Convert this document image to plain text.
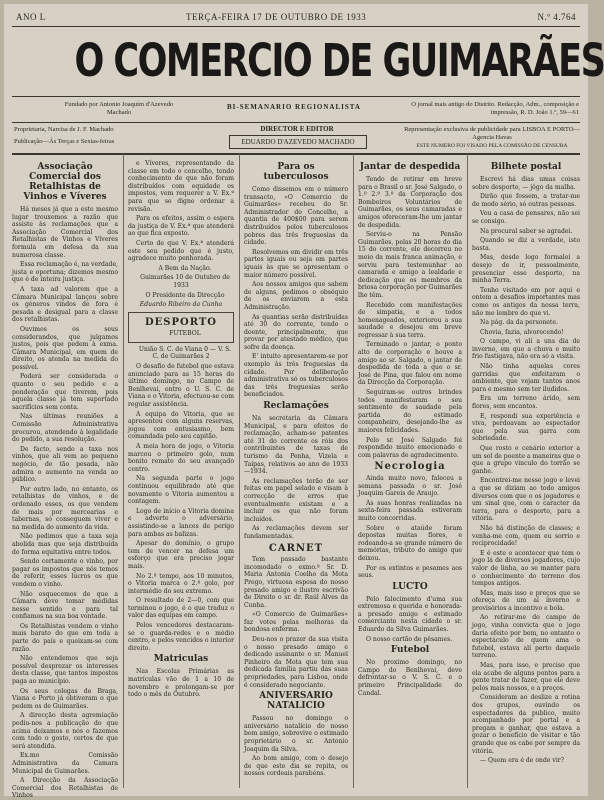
ANO L	TERÇA-FEIRA 17 DE OUTUBRO DE 1933	N.º 4.764
O COMERCIO DE GUIMARÃES
Fundado por Antonio Joaquim d'Azevedo Machado
BI-SEMANARIO REGIONALISTA	O jornal mais antigo do Distrito. Redacção, Adm., composição e impressão, R. D. João 1.º, 59—61
Proprietaria, Narcisa de J. F. Machado
Publicação—Ás Terças e Sextas-feiras
DIRECTOR E EDITOR
EDUARDO D'AZEVEDO MACHADO
Representação exclusiva de publicidade para LISBOA E PORTO—Agencia Havas
ESTE NUMERO FOI VISADO PELA COMISSÃO DE CENSURA
Associação Comercial dos Retalhistas de Vinhos e Víveres

Há meses já que a este mesmo lugar trouxemos a razão que assiste às reclamações que a Associação Comercial dos Retalhistas de Vinhos e Víveres formula em defesa da sua numerosa classe.

Essa reclamação é, na verdade, justa e oportuna; dizemos mesmo que é de inteira justiça.

A taxa ad valorem que a Câmara Municipal lançou sobre os géneros vindos de fora é pesada e desigual para a classe dos retalhistas.

Ouvimos os seus considerandos, que julgamos justos, pois que pedem à exma. Câmara Municipal, em quem de direito, os atenda na medida do possível.

Poderá ser considerada o quanto o seu pedido e a ponderação que tiverem, pois aquela classe já tem suportado sacrifícios sem conta.

Nas últimas reuniões a Comissão Administrativa procurou, atendendo à legalidade do pedido, a sua resolução.

De facto, sendo a taxa nos vinhos, que ali vem ao pequeno negócio, de tão pesada, não admira o aumento na venda ao público.

Por outro lado, no entanto, os retalhistas de vinhos, e de ordenado esses, os que vendem de mais por mercearias e tabernas, só conseguem viver e na medida do aumento da vida.

Não pedimos que a taxa seja abolida mas que seja distribuída de forma equitativa entre todos.

Sendo certamente o vinho, por pagar os impostos que nós temos de referir, esses lucros os que vendem o vinho.

Não esquecemos de que a Câmara deve tomar medidas nesse sentido e para tal confiamos na sua boa vontade.

Os Retalhistas vendem o vinho mais barato do que em toda a parte do país e queixam-se com razão.

Não entendemos que seja possível desprezar os interesses desta classe, que tantos impostos paga ao município.

Os seus colegas de Braga, Viana e Porto já obtiveram o que pedem os de Guimarães.

A direcção desta agremiação pediu-nos a publicação do que acima deixamos e nós o fazemos com todo o gosto, certos de que será atendida.

Ex.mo Comissão Administrativa da Camara Municipal de Guimarães.

A Direcção da Associação Comercial dos Retalhistas de Vinhos

e Víveres, representando da classe em todo o concelho, tendo conhecimento de que não foram distribuídos com equidade os impostos, vem requerer a V. Ex.ª para que se digne ordenar a revisão.

Para os efeitos, assim o espera da justiça de V. Ex.ª que atenderá ao que fica exposto.

Certo de que V. Ex.ª atenderá este seu pedido que é justo, agradece muito penhorada.

A Bem da Nação.

Guimarães 10 de Outubro de 1933

O Presidente da Direcção

Eduardo Ribeiro da Cunha
DESPORTO

FUTEBOL

União S. C. de Viana 0 — V. S. C. de Guimarães 2

O desafio de futebol que estava anunciado para as 15 horas do último domingo, no Campo de Benlhevai, entre o U. S. C. de Viana e o Vitoria, efectuou-se com regular assistência.

A equipa do Vitoria, que se apresentou com alguns reservas, jogou com entusiasmo, bem comandada pelo seu capitão.

A meia hora de jogo, o Vitoria marcou o primeiro golo, num bonito remate do seu avançado centro.

Na segunda parte o jogo continuou equilibrado até que novamente o Vitoria aumentou a contagem.

Logo de início a Vitoria domina e adverte o adversário, assistindo-se a lances de perigo para ambas as balizas.

Apesar do domínio, o grupo tem de vencer na defesa um esforço que era preciso jogar mais.

No 2.º tempo, aos 10 minutos, o Vitoria marca o 2.º golo, por intermédio do seu extremo.

O resultado de 2—0, com que terminou o jogo, é o que traduz o valor das equipas em campo.

Pelos vencedores destacaram-se o guarda-redes e o médio centro, e pelos vencidos o interior direito.

Matriculas

Nas Escolas Primárias as matrículas vão de 1 a 10 de novembro e prolongam-se por todo o mês de Outubro.

Para os tuberculosos

Como dissemos em o número transacto, «O Comercio de Guimarães» recebeu do Sr. Administrador do Concelho, a quantia de 400$00 para serem distribuídos pelos tuberculosos pobres das três freguesias da cidade.

Resolvemos em dividir em três partes iguais ou seja em partes iguais às que se apresentam o maior número possível.

Aos nossos amigos que sabem de alguns, pedimos o obséquio de os enviarem a esta Administração.

As quantias serão distribuídas até 30 do corrente, tendo o doente, principalmente, que provar por atestado médico, que sofre da doença.

E' intuito apresentarem-se por exemplo às três freguesias da cidade. Por deliberação administrativa só os tuberculosos das três freguesias serão beneficiados.

Reclamações

Na secretaria da Câmara Municipal, e para efeitos de reclamação, acham-se patentes até 31 do corrente os róis dos contribuintes de taxas de turismo da Penha, Vizela e Taipas, relativos ao ano de 1933—1934.

As reclamações terão de ser feitas em papel selado e visam à correcção de erros que eventualmente existam e a incluir os que não foram incluídos.

As reclamações devem ser fundamentadas.

CARNET

Tem passado bastante incomodado o exmo.º Sr. D. Maria Antonia Coelho da Mota Prego, virtuosa esposa do nosso presado amigo e ilustre escrivão de Direito o sr. dr. Raúl Alves da Cunha.

«O Comercio de Guimarães» faz votos pelas melhoras da bondosa enferma.

Deu-nos o prazer da sua visita o nosso presado amigo e dedicado assinante o sr. Manuel Pinheiro da Mota que tem sua dedicada família partiu das suas propriedades, para Lisboa, onde é considerado negociante.

ANIVERSARIO NATALICIO

Passou no domingo o aniversário natalício do nosso bom amigo, sobrevive o estimado proprietário o sr. Antonio Joaquim da Silva.

Ao bom amigo, com o desejo de que este dia se repita, os nossos cordeais parabéns.

Jantar de despedida

Tendo de retirar em breve para o Brasil o sr. José Salgado, o 1.º 2.º 3.º da Corporação dos Bombeiros Voluntários de Guimarães, os seus camaradas e amigos ofereceram-lhe um jantar de despedida.

Serviu-o na Pensão Guimarães, pelas 20 horas do dia 15 do corrente, ele decorreu no meio da mais franca animação, e serviu para testemunhar ao camarada e amigo a lealdade e dedicação que os membros da briosa corporação por Guimarães lhe têm.

Recebido com manifestações de simpatia, e a todos homenageados, exteriorou a sua saudade e desejou em breve regressar à sua terra.

Terminado o jantar, o ponto alto de corporação e houve a amigo ao sr. Salgado, o jantar de despedida de toda a que o sr. José de Pina, que falou em nome da Direcção da Corporação.

Seguiram-se outros brindes todos manifestaram o seu sentimento de saudade pela partida do estimado companheiro, desejando-lhe as maiores felicidades.

Pelo sr. José Salgado foi respondido muito emocionado e com palavras de agradecimento.

Necrologia

Ainda muito novo, faleceu a semana passada o sr. José Joaquim Gareis de Araujo.

Às suas honras realizadas na sexta-feira passada estiveram muito concorridas.

Sobre o ataúde foram depostas muitas flores, e rodeando-a se grande número de memórias, tributo do amigo que deixou.

Por os extintos e pesames aos seus.

LUCTO

Pelo falecimento d'uma sua extremosa e querida e honorada-a presado amigo e estimado comerciante nesta cidade o sr. Eduardo da Silva Guimarães.

O nosso cartão de pêsames.

Futebol

No proximo domingo, no Campo do Benlhevai, deve defrontar-se o V. S. C. e o primeiro Principalidade do Candal.

Bilhete postal

Escrevi há dias umas coisas sobre desporto, — jôgo da malha.

Dirão que fossem, a tratar-me de modo sério, só outras pessoas.

Vou a casa de pensares, não sei se consigo.

Na procural saber se agradei.

Quando se diz a verdade, isto basta.

Mas, desde logo formalei a desejo de ir, pessoalmente, presenciar esse desporto, na minha Terra.

Tenho visitado em por aqui e ontem a desafios importantes mas como os antigos da nossa terra, não me lembro do que vi.

Na pág. da da personete.

Chovia, fazia, alvorecendo!

O campo, vi alí a uns dia de inverno, em que a chuva e muito frio fustigava, não era só a visita.

Não tinha aquelas cores garridas que enfeitaram o ambiente, que vejam tantos anos para e mesmo sem ter iludidos.

Era um terreno árido, sem flores, sem encantos.

E, respondi sua experiência e viva, perdoavam ao espectador que pela sua garra com sobriedade.

Que rosto e cenário exterior a um sol de poente a maneiras que o que a grupo vinculo do torrão se ganhe.

Encontrei-me nesse jogo e levei a que se diziam ao todo amigos diversos com que o os jogadores e um sinal que, com o caracter da terra, para o desporto, para a vitória.

Não há distinção de classes; e venha-me com, quem eu sorrio e reciprocidade!

E é este o acontecer que tem o jogo lá de diversos jogadores, cujo valor de linha, ao se manter para o conhecimento do terreno dos tempos antigos.

Mas, mais isso e preços que se ofereça de um aí inverno e provisórios a incentivo e bola.

Ao retirar-me do campo de jogo, vinha convicta que o jogo daria efeito por bem, no entanto o espectáculo de quem ama o futebol, estava alí perto daquele terreno.

Mas, para isso, e preciso que ela acabe de alguns pontos para a gente tratar de fazer, que ele deve pelos mais nossos, e a preços.

Consideram ao deslize a rotina dos grupos, ouvindo os espectadores da publico, muito acompanhado por portal e a pregam e ganhar, que estava a gozar o benefício de visitar e tão grande que os cabe por sempre da vitória.

— Quem era é de onde vir?
